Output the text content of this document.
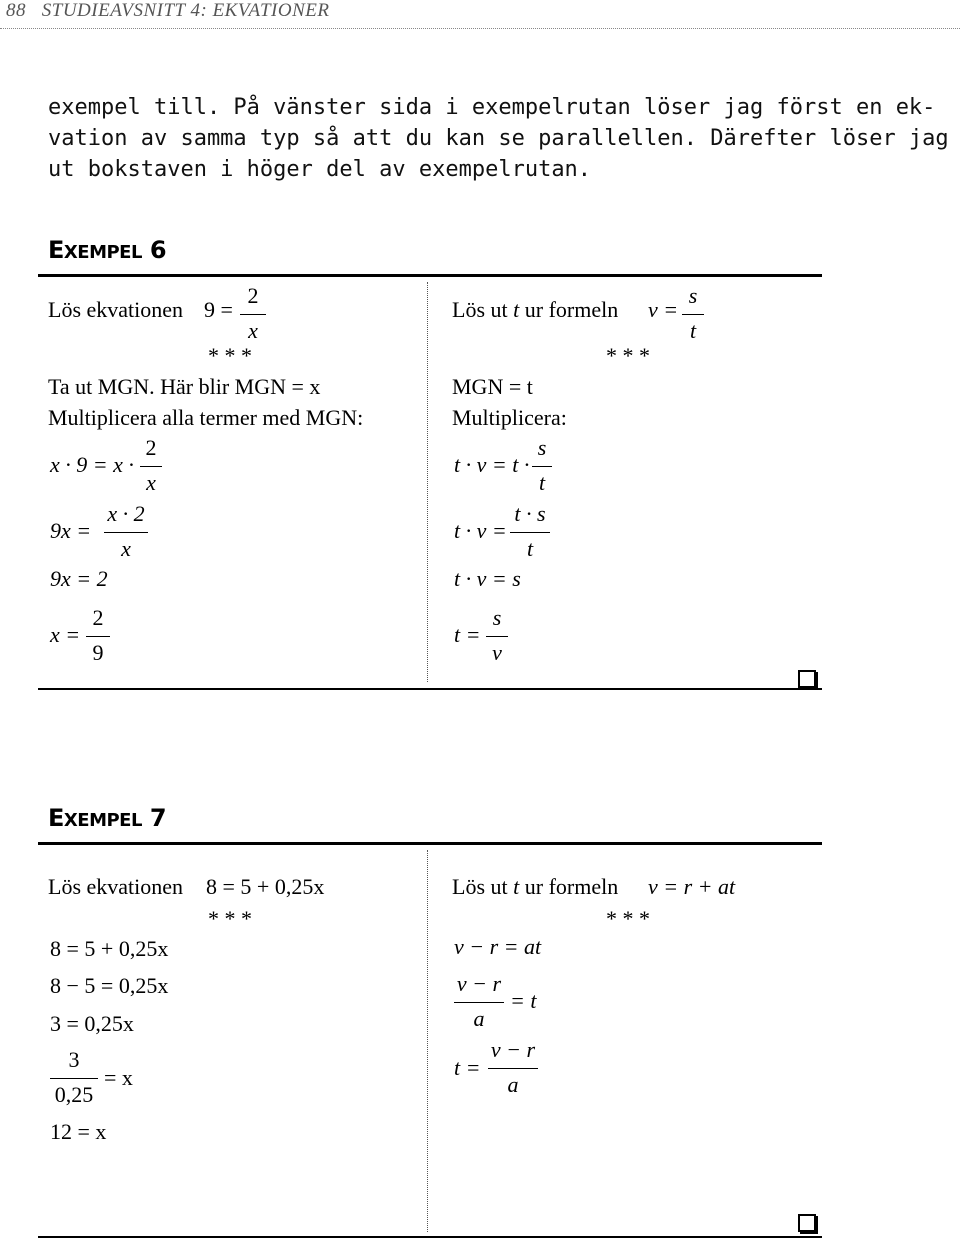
88 STUDIEAVSNITT 4: EKVATIONER
exempel till. På vänster sida i exempelrutan löser jag först en ek-
vation av samma typ så att du kan se parallellen. Därefter löser jag
ut bokstaven i höger del av exempelrutan.
EXEMPEL 6
Lös ekvationen 9 =
2
x
* * *
Ta ut MGN. Här blir MGN = x
Multiplicera alla termer med MGN:
x · 9 = x ·
2
x
9x =
x · 2
x
9x = 2
x =
2
9
Lös ut t ur formeln v =
s
t
* * *
MGN = t
Multiplicera:
t · v = t ·
s
t
t · v =
t · s
t
t · v = s
t =
s
v
EXEMPEL 7
Lös ekvationen 8 = 5 + 0,25x
* * *
8 = 5 + 0,25x
8 − 5 = 0,25x
3 = 0,25x
3
0,25
= x
12 = x
Lös ut t ur formeln v = r + at
* * *
v − r = at
v − r
a
= t
t =
v − r
a
